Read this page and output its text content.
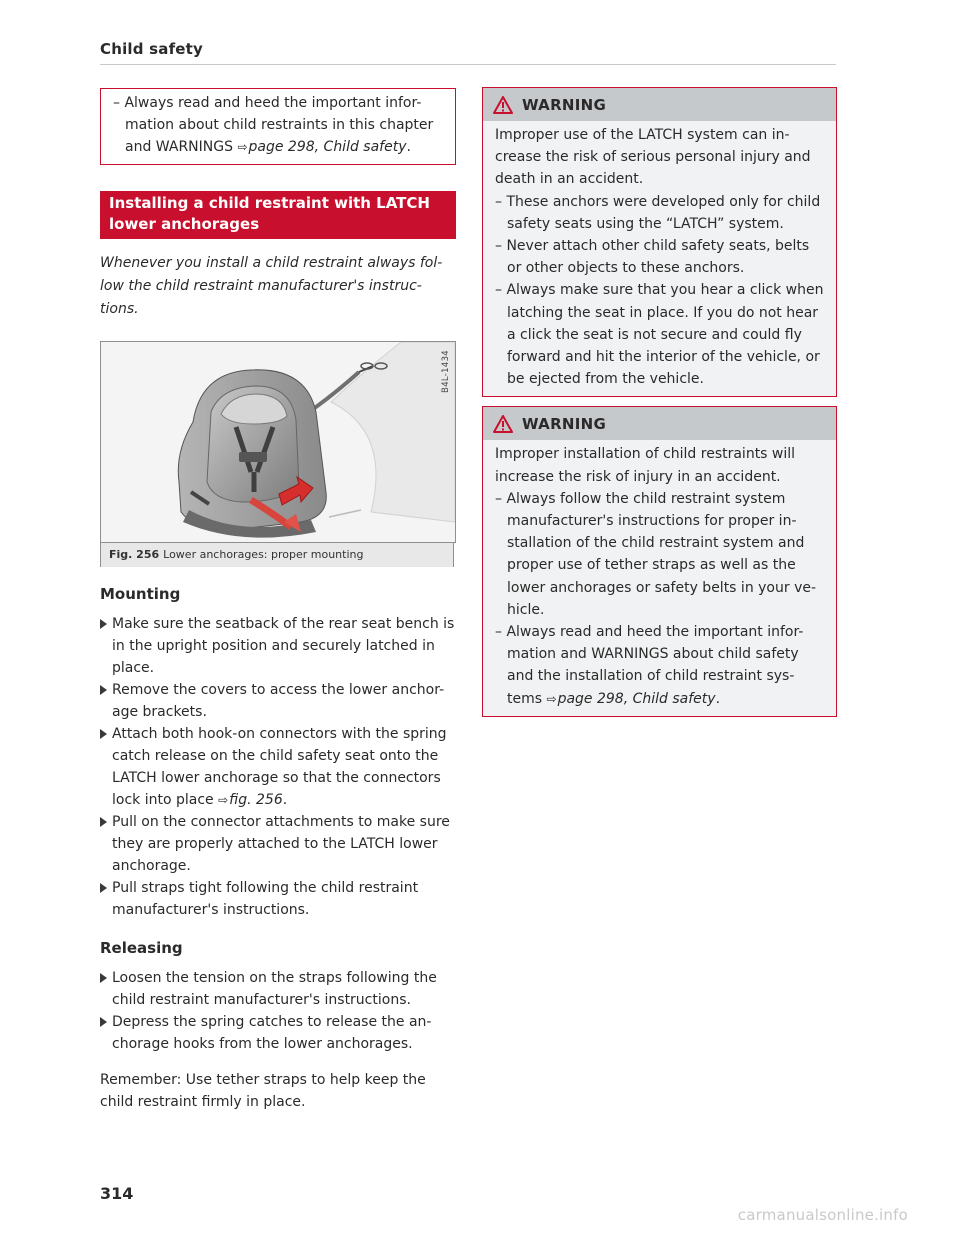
Child safety
– Always read and heed the important infor-mation about child restraints in this chapter and WARNINGS ⇨page 298, Child safety.
Installing a child restraint with LATCH lower anchorages
Whenever you install a child restraint always fol-low the child restraint manufacturer's instruc-tions.
B4L-1434
Fig. 256 Lower anchorages: proper mounting
Mounting
Make sure the seatback of the rear seat bench is in the upright position and securely latched in place.
Remove the covers to access the lower anchor-age brackets.
Attach both hook-on connectors with the spring catch release on the child safety seat onto the LATCH lower anchorage so that the connectors lock into place ⇨fig. 256.
Pull on the connector attachments to make sure they are properly attached to the LATCH lower anchorage.
Pull straps tight following the child restraint manufacturer's instructions.
Releasing
Loosen the tension on the straps following the child restraint manufacturer's instructions.
Depress the spring catches to release the an-chorage hooks from the lower anchorages.
Remember: Use tether straps to help keep the child restraint firmly in place.
WARNING
Improper use of the LATCH system can in-crease the risk of serious personal injury and death in an accident.
– These anchors were developed only for child safety seats using the “LATCH” system.
– Never attach other child safety seats, belts or other objects to these anchors.
– Always make sure that you hear a click when latching the seat in place. If you do not hear a click the seat is not secure and could fly forward and hit the interior of the vehicle, or be ejected from the vehicle.
WARNING
Improper installation of child restraints will increase the risk of injury in an accident.
– Always follow the child restraint system manufacturer's instructions for proper in-stallation of the child restraint system and proper use of tether straps as well as the lower anchorages or safety belts in your ve-hicle.
– Always read and heed the important infor-mation and WARNINGS about child safety and the installation of child restraint sys-tems ⇨page 298, Child safety.
314
carmanualsonline.info
